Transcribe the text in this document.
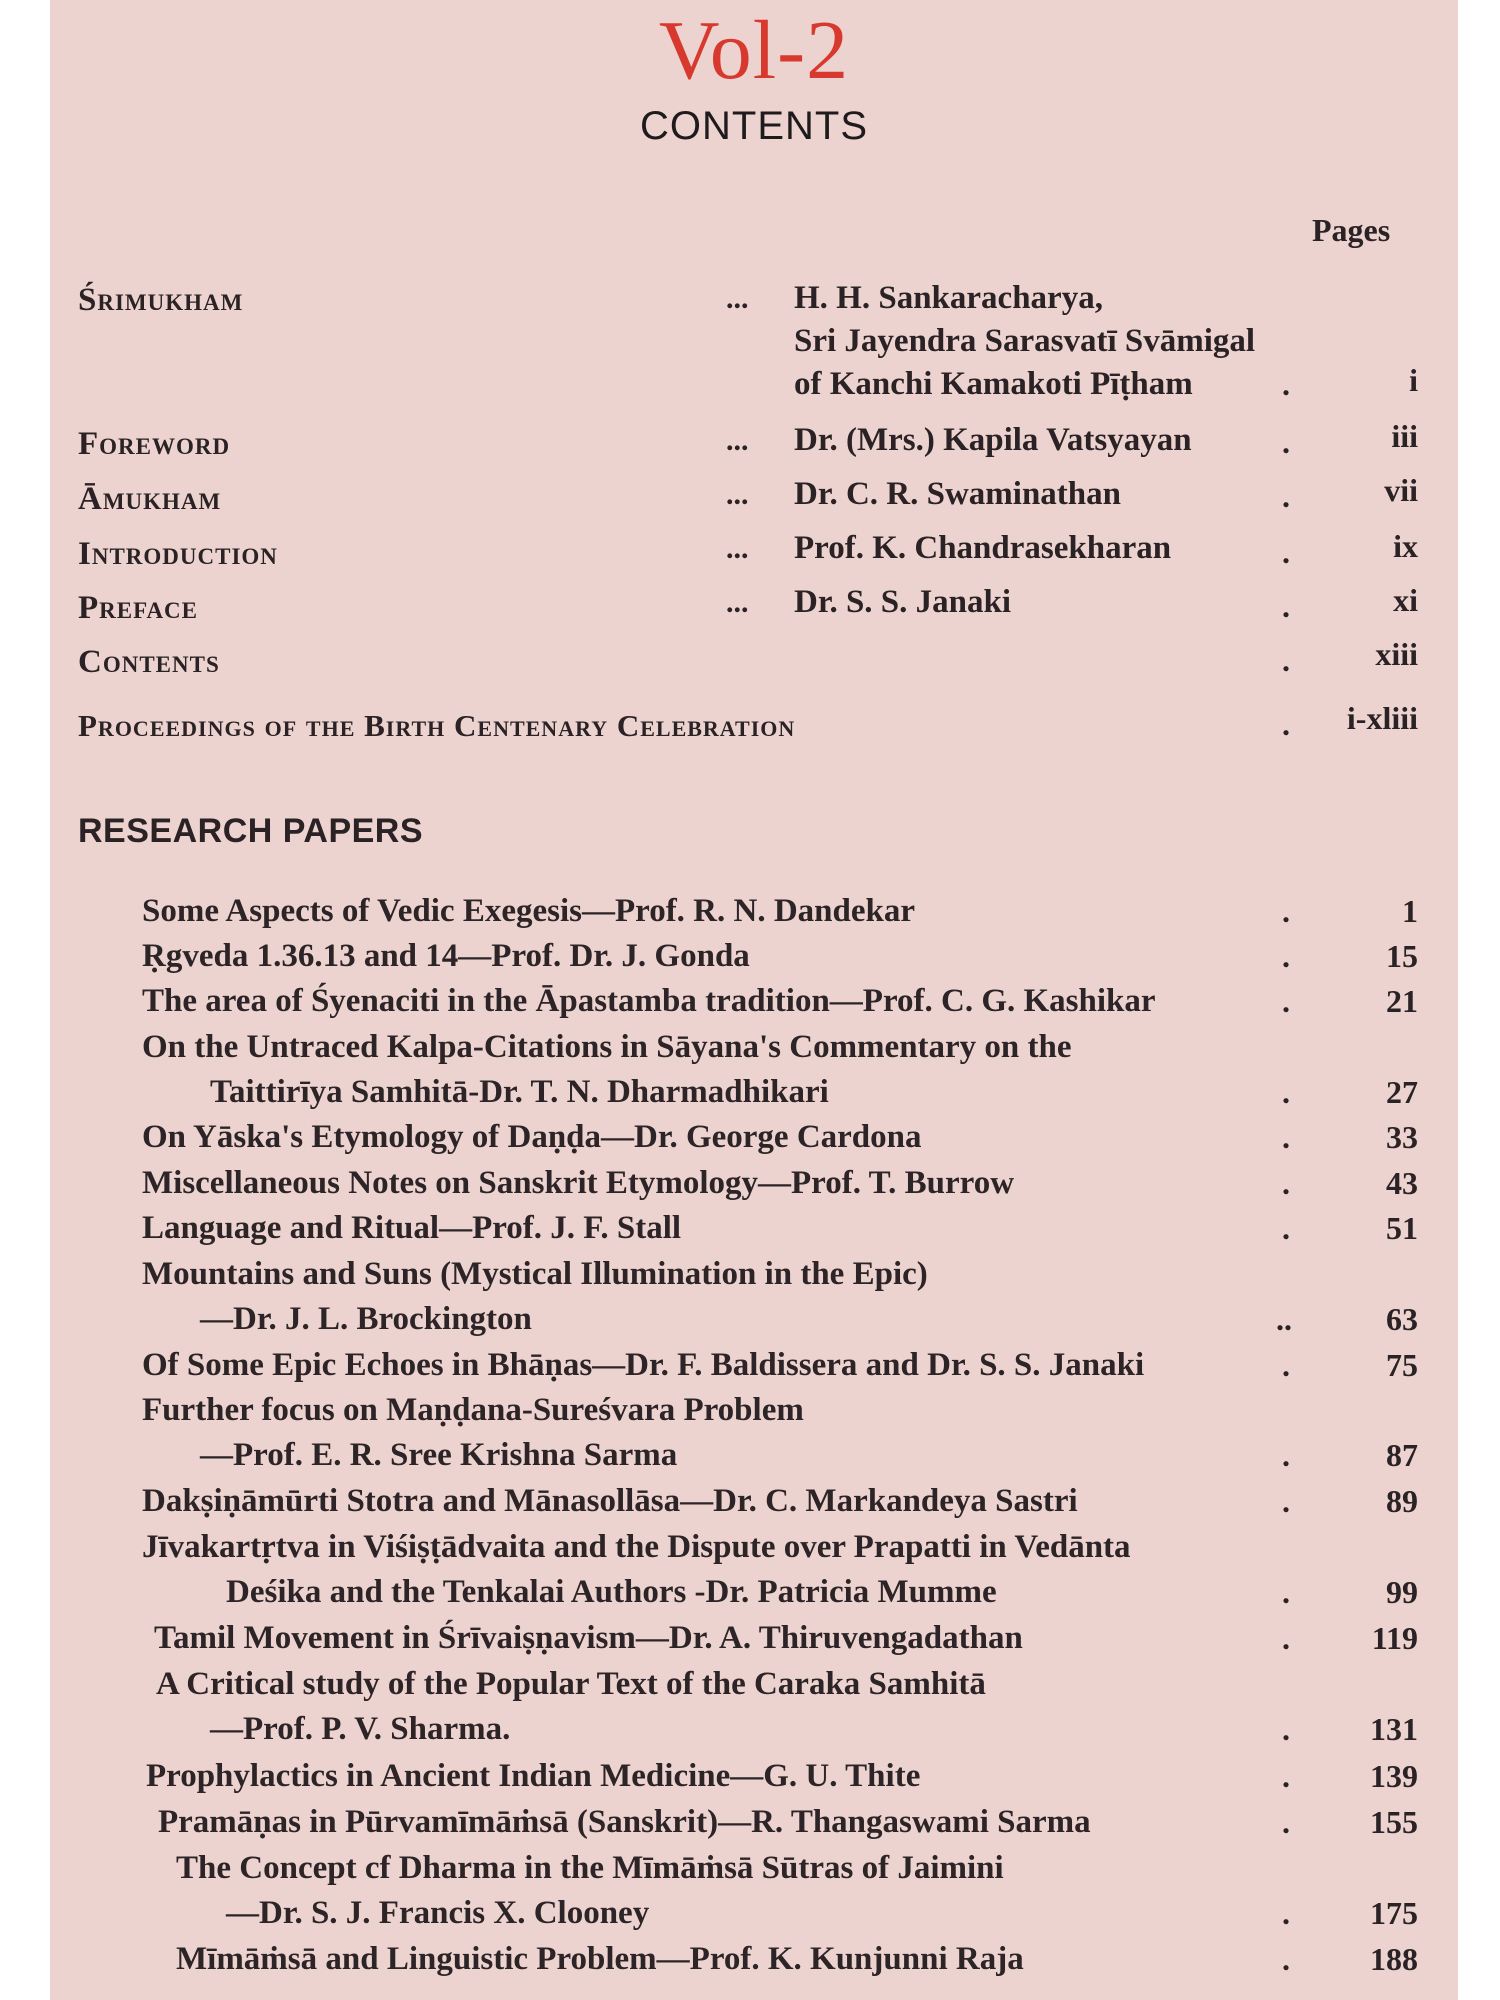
Vol-2
CONTENTS
Pages
Śrimukham	... H. H. Sankaracharya,
Sri Jayendra Sarasvatī Svāmigal
of Kanchi Kamakoti Pīṭham	.	i
Foreword	... Dr. (Mrs.) Kapila Vatsyayan	.	iii
Āmukham	... Dr. C. R. Swaminathan	.	vii
Introduction	... Prof. K. Chandrasekharan	.	ix
Preface	... Dr. S. S. Janaki	.	xi
Contents	.	xiii
Proceedings of the Birth Centenary Celebration	. i-xliii
RESEARCH PAPERS
Some Aspects of Vedic Exegesis—Prof. R. N. Dandekar	.	1
Ṛgveda 1.36.13 and 14—Prof. Dr. J. Gonda	.	15
The area of Śyenaciti in the Āpastamba tradition—Prof. C. G. Kashikar	.	21
On the Untraced Kalpa-Citations in Sāyana's Commentary on the
Taittirīya Samhitā-Dr. T. N. Dharmadhikari	.	27
On Yāska's Etymology of Daṇḍa—Dr. George Cardona	.	33
Miscellaneous Notes on Sanskrit Etymology—Prof. T. Burrow	.	43
Language and Ritual—Prof. J. F. Stall	.	51
Mountains and Suns (Mystical Illumination in the Epic)
—Dr. J. L. Brockington	..	63
Of Some Epic Echoes in Bhāṇas—Dr. F. Baldissera and Dr. S. S. Janaki	.	75
Further focus on Maṇḍana-Sureśvara Problem
—Prof. E. R. Sree Krishna Sarma	.	87
Dakṣiṇāmūrti Stotra and Mānasollāsa—Dr. C. Markandeya Sastri	.	89
Jīvakartṛtva in Viśiṣṭādvaita and the Dispute over Prapatti in Vedānta
Deśika and the Tenkalai Authors -Dr. Patricia Mumme	.	99
Tamil Movement in Śrīvaiṣṇavism—Dr. A. Thiruvengadathan	.	119
A Critical study of the Popular Text of the Caraka Samhitā
—Prof. P. V. Sharma.	.	131
Prophylactics in Ancient Indian Medicine—G. U. Thite	.	139
Pramāṇas in Pūrvamīmāṁsā (Sanskrit)—R. Thangaswami Sarma	.	155
The Concept cf Dharma in the Mīmāṁsā Sūtras of Jaimini
—Dr. S. J. Francis X. Clooney	.	175
Mīmāṁsā and Linguistic Problem—Prof. K. Kunjunni Raja	.	188
